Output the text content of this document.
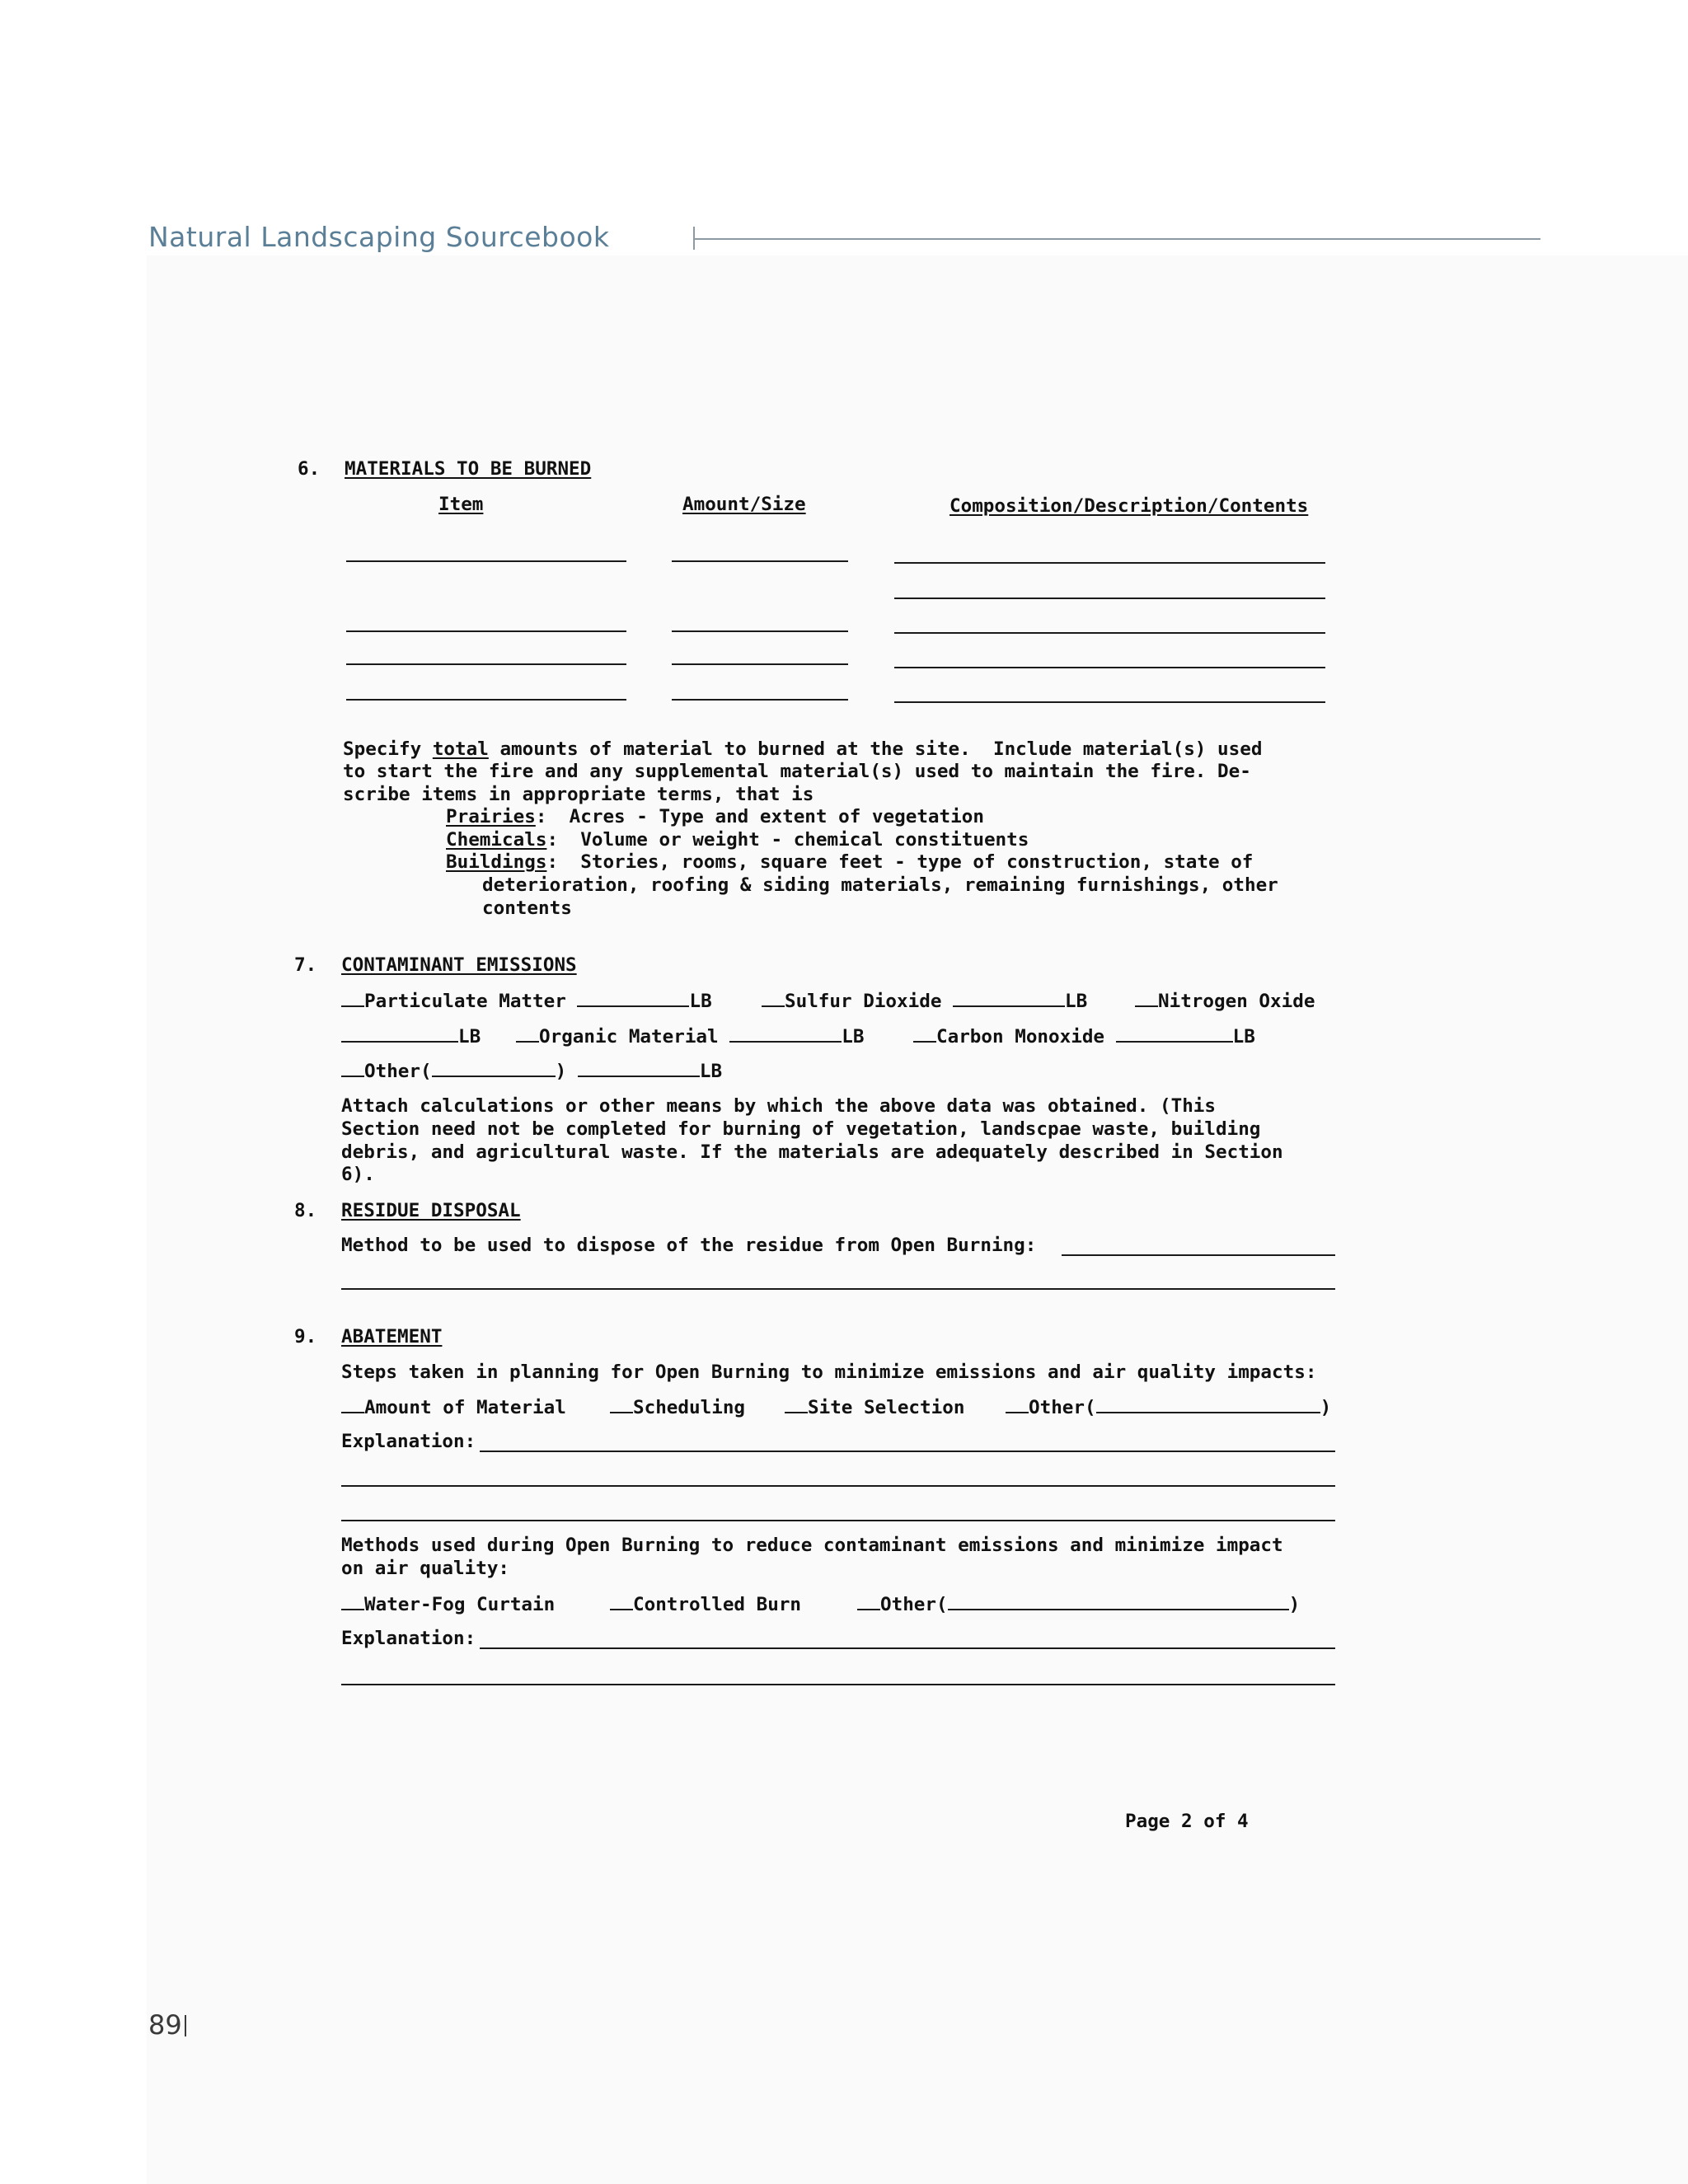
Natural Landscaping Sourcebook
6. MATERIALS TO BE BURNED
Item	Amount/Size	Composition/Description/Contents
Specify total amounts of material to burned at the site.  Include material(s) used
to start the fire and any supplemental material(s) used to maintain the fire. De-
scribe items in appropriate terms, that is
Prairies:  Acres - Type and extent of vegetation
Chemicals:  Volume or weight - chemical constituents
Buildings:  Stories, rooms, square feet - type of construction, state of
deterioration, roofing & siding materials, remaining furnishings, other
contents
7. CONTAMINANT EMISSIONS
Particulate Matter	LB	Sulfur Dioxide	LB	Nitrogen Oxide
LB	Organic Material	LB	Carbon Monoxide	LB
Other(	)	LB
Attach calculations or other means by which the above data was obtained. (This
Section need not be completed for burning of vegetation, landscpae waste, building
debris, and agricultural waste. If the materials are adequately described in Section
6).
8. RESIDUE DISPOSAL
Method to be used to dispose of the residue from Open Burning:
9. ABATEMENT
Steps taken in planning for Open Burning to minimize emissions and air quality impacts:
Amount of Material	Scheduling	Site Selection	Other(	)
Explanation:
Methods used during Open Burning to reduce contaminant emissions and minimize impact
on air quality:
Water-Fog Curtain	Controlled Burn	Other(	)
Explanation:
Page 2 of 4
89
